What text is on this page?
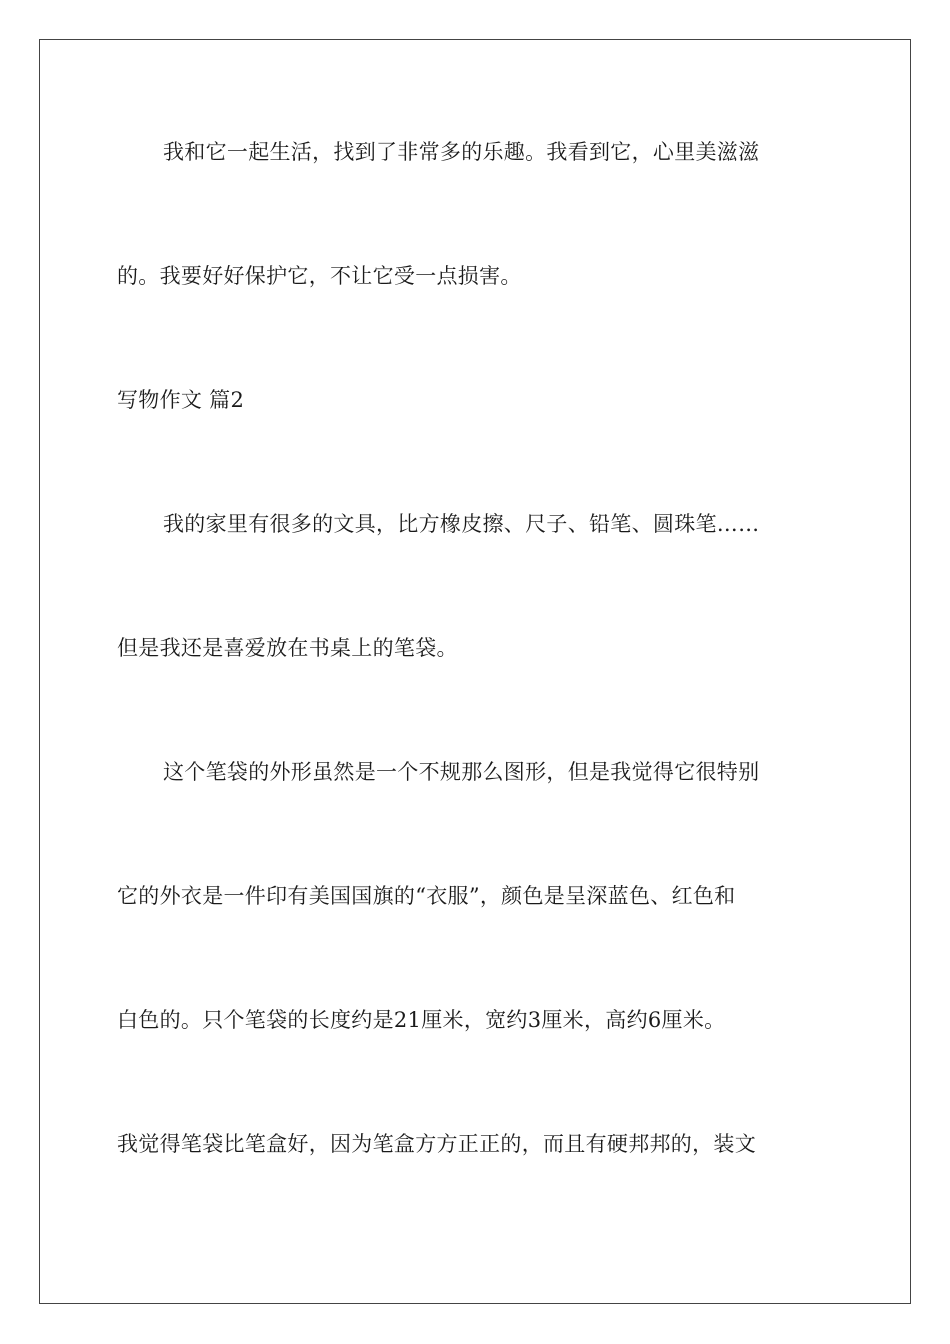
我和它一起生活，找到了非常多的乐趣。我看到它，心里美滋滋
的。我要好好保护它，不让它受一点损害。
写物作文 篇2
我的家里有很多的文具，比方橡皮擦、尺子、铅笔、圆珠笔……
但是我还是喜爱放在书桌上的笔袋。
这个笔袋的外形虽然是一个不规那么图形，但是我觉得它很特别
它的外衣是一件印有美国国旗的“衣服”，颜色是呈深蓝色、红色和
白色的。只个笔袋的长度约是21厘米，宽约3厘米，高约6厘米。
我觉得笔袋比笔盒好，因为笔盒方方正正的，而且有硬邦邦的，装文
